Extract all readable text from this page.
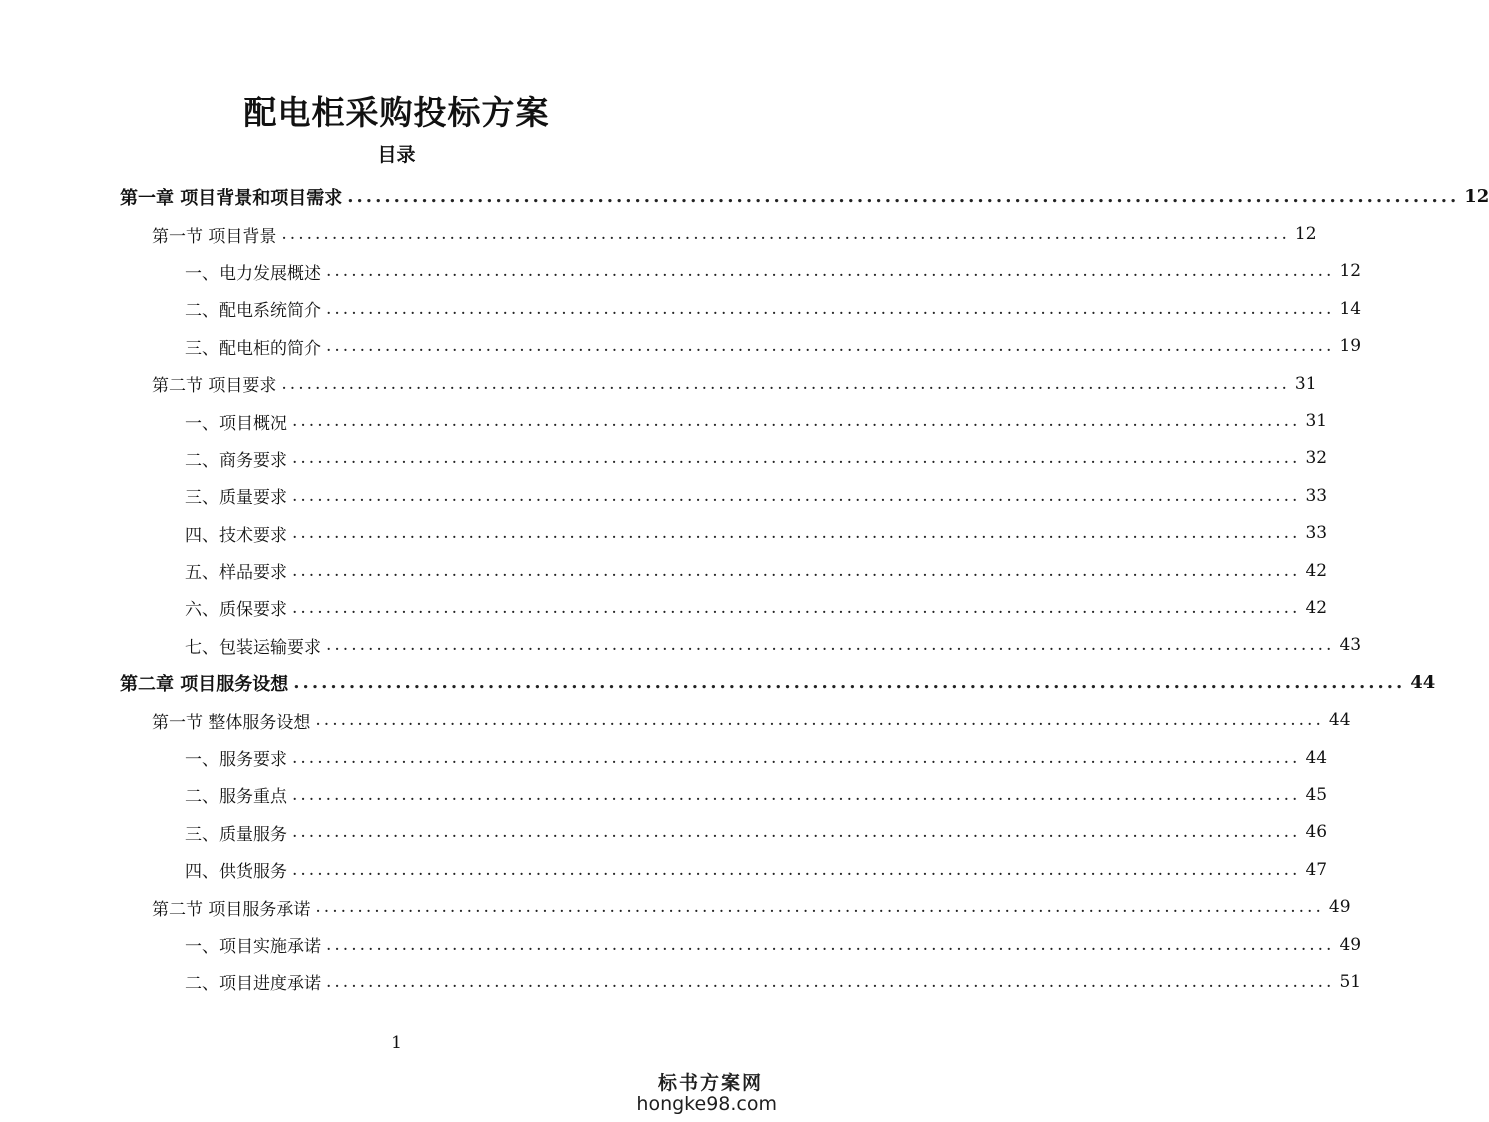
配电柜采购投标方案
目录
第一章 项目背景和项目需求 ........................................................................................................................ 12
第一节 项目背景 ........................................................................................................................ 12
一、电力发展概述 ........................................................................................................................ 12
二、配电系统简介 ........................................................................................................................ 14
三、配电柜的简介 ........................................................................................................................ 19
第二节 项目要求 ........................................................................................................................ 31
一、项目概况 ........................................................................................................................ 31
二、商务要求 ........................................................................................................................ 32
三、质量要求 ........................................................................................................................ 33
四、技术要求 ........................................................................................................................ 33
五、样品要求 ........................................................................................................................ 42
六、质保要求 ........................................................................................................................ 42
七、包装运输要求 ........................................................................................................................ 43
第二章 项目服务设想 ........................................................................................................................ 44
第一节 整体服务设想 ........................................................................................................................ 44
一、服务要求 ........................................................................................................................ 44
二、服务重点 ........................................................................................................................ 45
三、质量服务 ........................................................................................................................ 46
四、供货服务 ........................................................................................................................ 47
第二节 项目服务承诺 ........................................................................................................................ 49
一、项目实施承诺 ........................................................................................................................ 49
二、项目进度承诺 ........................................................................................................................ 51
1
标书方案网
hongke98.com
